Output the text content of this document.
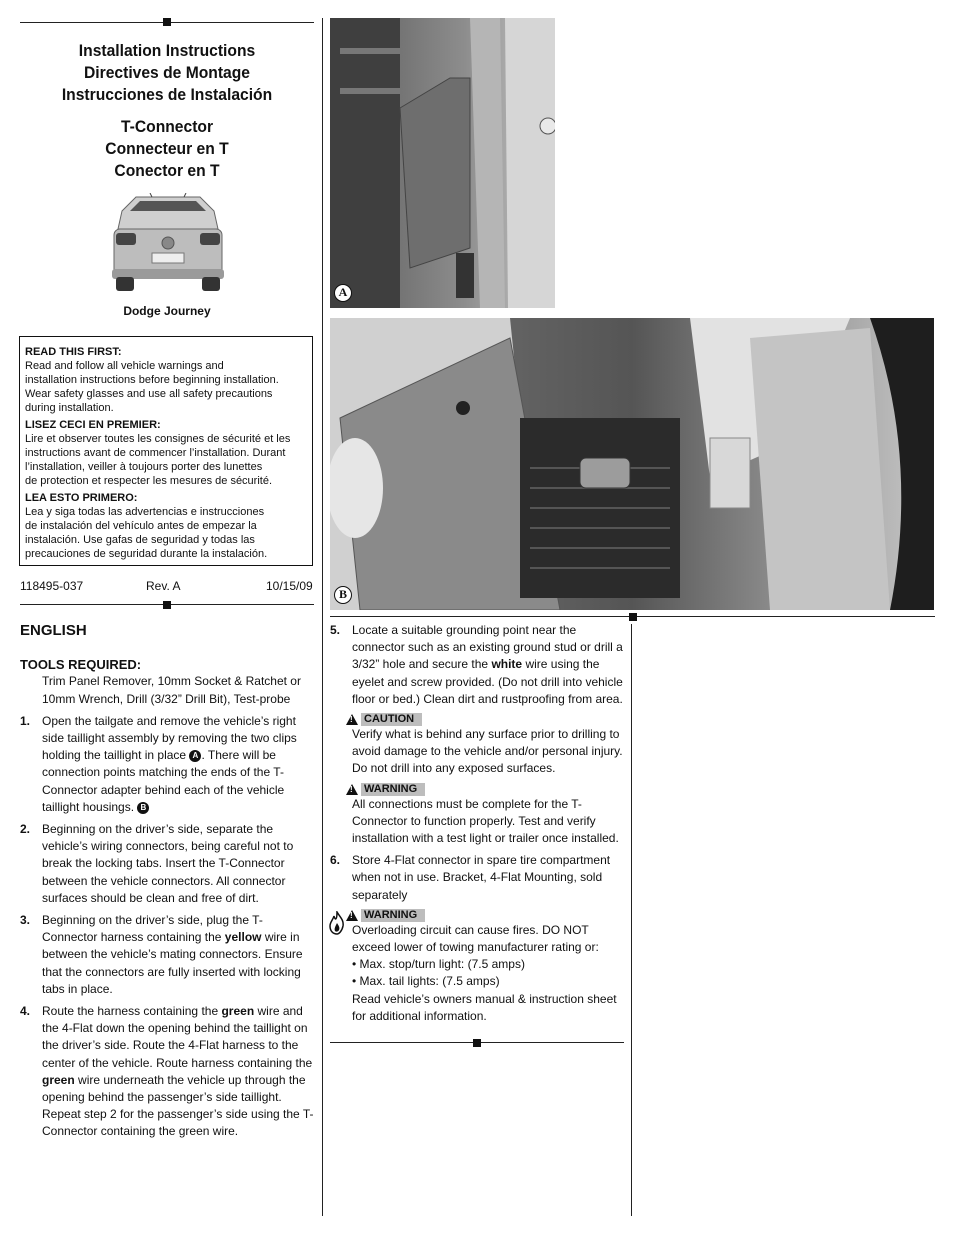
Installation Instructions
Directives de Montage
Instrucciones de Instalación
T-Connector
Connecteur en T
Conector en T
Dodge Journey
READ THIS FIRST:
Read and follow all vehicle warnings and
installation instructions before beginning installation.
Wear safety glasses and use all safety precautions
during installation.
LISEZ CECI EN PREMIER:
Lire et observer toutes les consignes de sécurité et les
instructions avant de commencer l’installation. Durant
l’installation, veiller à toujours porter des lunettes
de protection et respecter les mesures de sécurité.
LEA ESTO PRIMERO:
Lea y siga todas las advertencias e instrucciones
de instalación del vehículo antes de empezar la
instalación. Use gafas de seguridad y todas las
precauciones de seguridad durante la instalación.
118495-037	Rev. A	10/15/09
A
B
ENGLISH
TOOLS REQUIRED:

Trim Panel Remover, 10mm Socket & Ratchet or 10mm Wrench, Drill (3/32” Drill Bit), Test-probe

1. Open the tailgate and remove the vehicle’s right side taillight assembly by removing the two clips holding the taillight in place A . There will be connection points matching the ends of the T-Connector adapter behind each of the vehicle taillight housings. B
2. Beginning on the driver’s side, separate the vehicle’s wiring connectors, being careful not to break the locking tabs. Insert the T-Connector between the vehicle connectors. All connector surfaces should be clean and free of dirt.
3. Beginning on the driver’s side, plug the T-Connector harness containing the yellow wire in between the vehicle’s mating connectors. Ensure that the connectors are fully inserted with locking tabs in place.
4. Route the harness containing the green wire and the 4-Flat down the opening behind the taillight on the driver’s side. Route the 4-Flat harness to the center of the vehicle. Route harness containing the green wire underneath the vehicle up through the opening behind the passenger’s side taillight. Repeat step 2 for the passenger’s side using the T-Connector containing the green wire.
5. Locate a suitable grounding point near the connector such as an existing ground stud or drill a 3/32” hole and secure the white wire using the eyelet and screw provided. (Do not drill into vehicle floor or bed.) Clean dirt and rustproofing from area.
!
CAUTION

Verify what is behind any surface prior to drilling to avoid damage to the vehicle and/or personal injury. Do not drill into any exposed surfaces.

!
WARNING

All connections must be complete for the T-Connector to function properly. Test and verify installation with a test light or trailer once installed.

6. Store 4-Flat connector in spare tire compartment when not in use. Bracket, 4-Flat Mounting, sold separately
!
WARNING

Overloading circuit can cause fires. DO NOT exceed lower of towing manufacturer rating or:

• Max. stop/turn light: (7.5 amps)

• Max. tail lights: (7.5 amps)

Read vehicle’s owners manual & instruction sheet for additional information.
